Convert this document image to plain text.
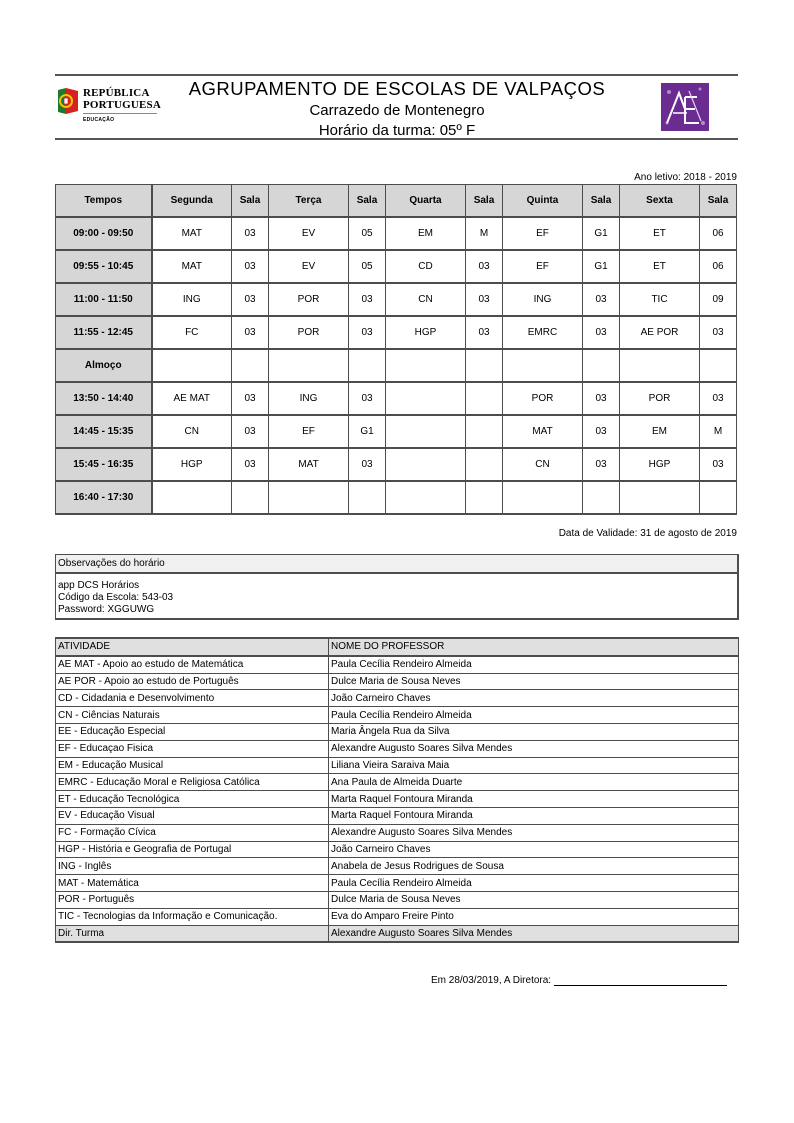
REPÚBLICA
PORTUGUESA
EDUCAÇÃO
AGRUPAMENTO DE ESCOLAS DE VALPAÇOS
Carrazedo de Montenegro
Horário da turma: 05º F
Ano letivo: 2018 - 2019
Tempos	Segunda	Sala	Terça	Sala	Quarta	Sala	Quinta	Sala	Sexta	Sala
09:00 - 09:50	MAT	03	EV	05	EM	M	EF	G1	ET	06
09:55 - 10:45	MAT	03	EV	05	CD	03	EF	G1	ET	06
11:00 - 11:50	ING	03	POR	03	CN	03	ING	03	TIC	09
11:55 - 12:45	FC	03	POR	03	HGP	03	EMRC	03	AE POR	03
Almoço										
13:50 - 14:40	AE MAT	03	ING	03			POR	03	POR	03
14:45 - 15:35	CN	03	EF	G1			MAT	03	EM	M
15:45 - 16:35	HGP	03	MAT	03			CN	03	HGP	03
16:40 - 17:30										
Data de Validade: 31 de agosto de 2019
Observações do horário
app DCS Horários
Código da Escola: 543-03
Password: XGGUWG
ATIVIDADE	NOME DO PROFESSOR
AE MAT - Apoio ao estudo de Matemática	Paula Cecília Rendeiro Almeida
AE POR - Apoio ao estudo de Português	Dulce Maria de Sousa Neves
CD - Cidadania e Desenvolvimento	João Carneiro Chaves
CN - Ciências Naturais	Paula Cecília Rendeiro Almeida
EE - Educação Especial	Maria Ângela Rua da Silva
EF - Educaçao Fisica	Alexandre Augusto Soares Silva Mendes
EM - Educação Musical	Liliana Vieira Saraiva Maia
EMRC - Educação Moral e Religiosa Católica	Ana Paula de Almeida Duarte
ET - Educação Tecnológica	Marta Raquel Fontoura Miranda
EV - Educação Visual	Marta Raquel Fontoura Miranda
FC - Formação Cívica	Alexandre Augusto Soares Silva Mendes
HGP - História e Geografia de Portugal	João Carneiro Chaves
ING - Inglês	Anabela de Jesus Rodrigues de Sousa
MAT - Matemática	Paula Cecília Rendeiro Almeida
POR - Português	Dulce Maria de Sousa Neves
TIC - Tecnologias da Informação e Comunicação.	Eva do Amparo Freire Pinto
Dir. Turma	Alexandre Augusto Soares Silva Mendes
Em 28/03/2019, A Diretora:
